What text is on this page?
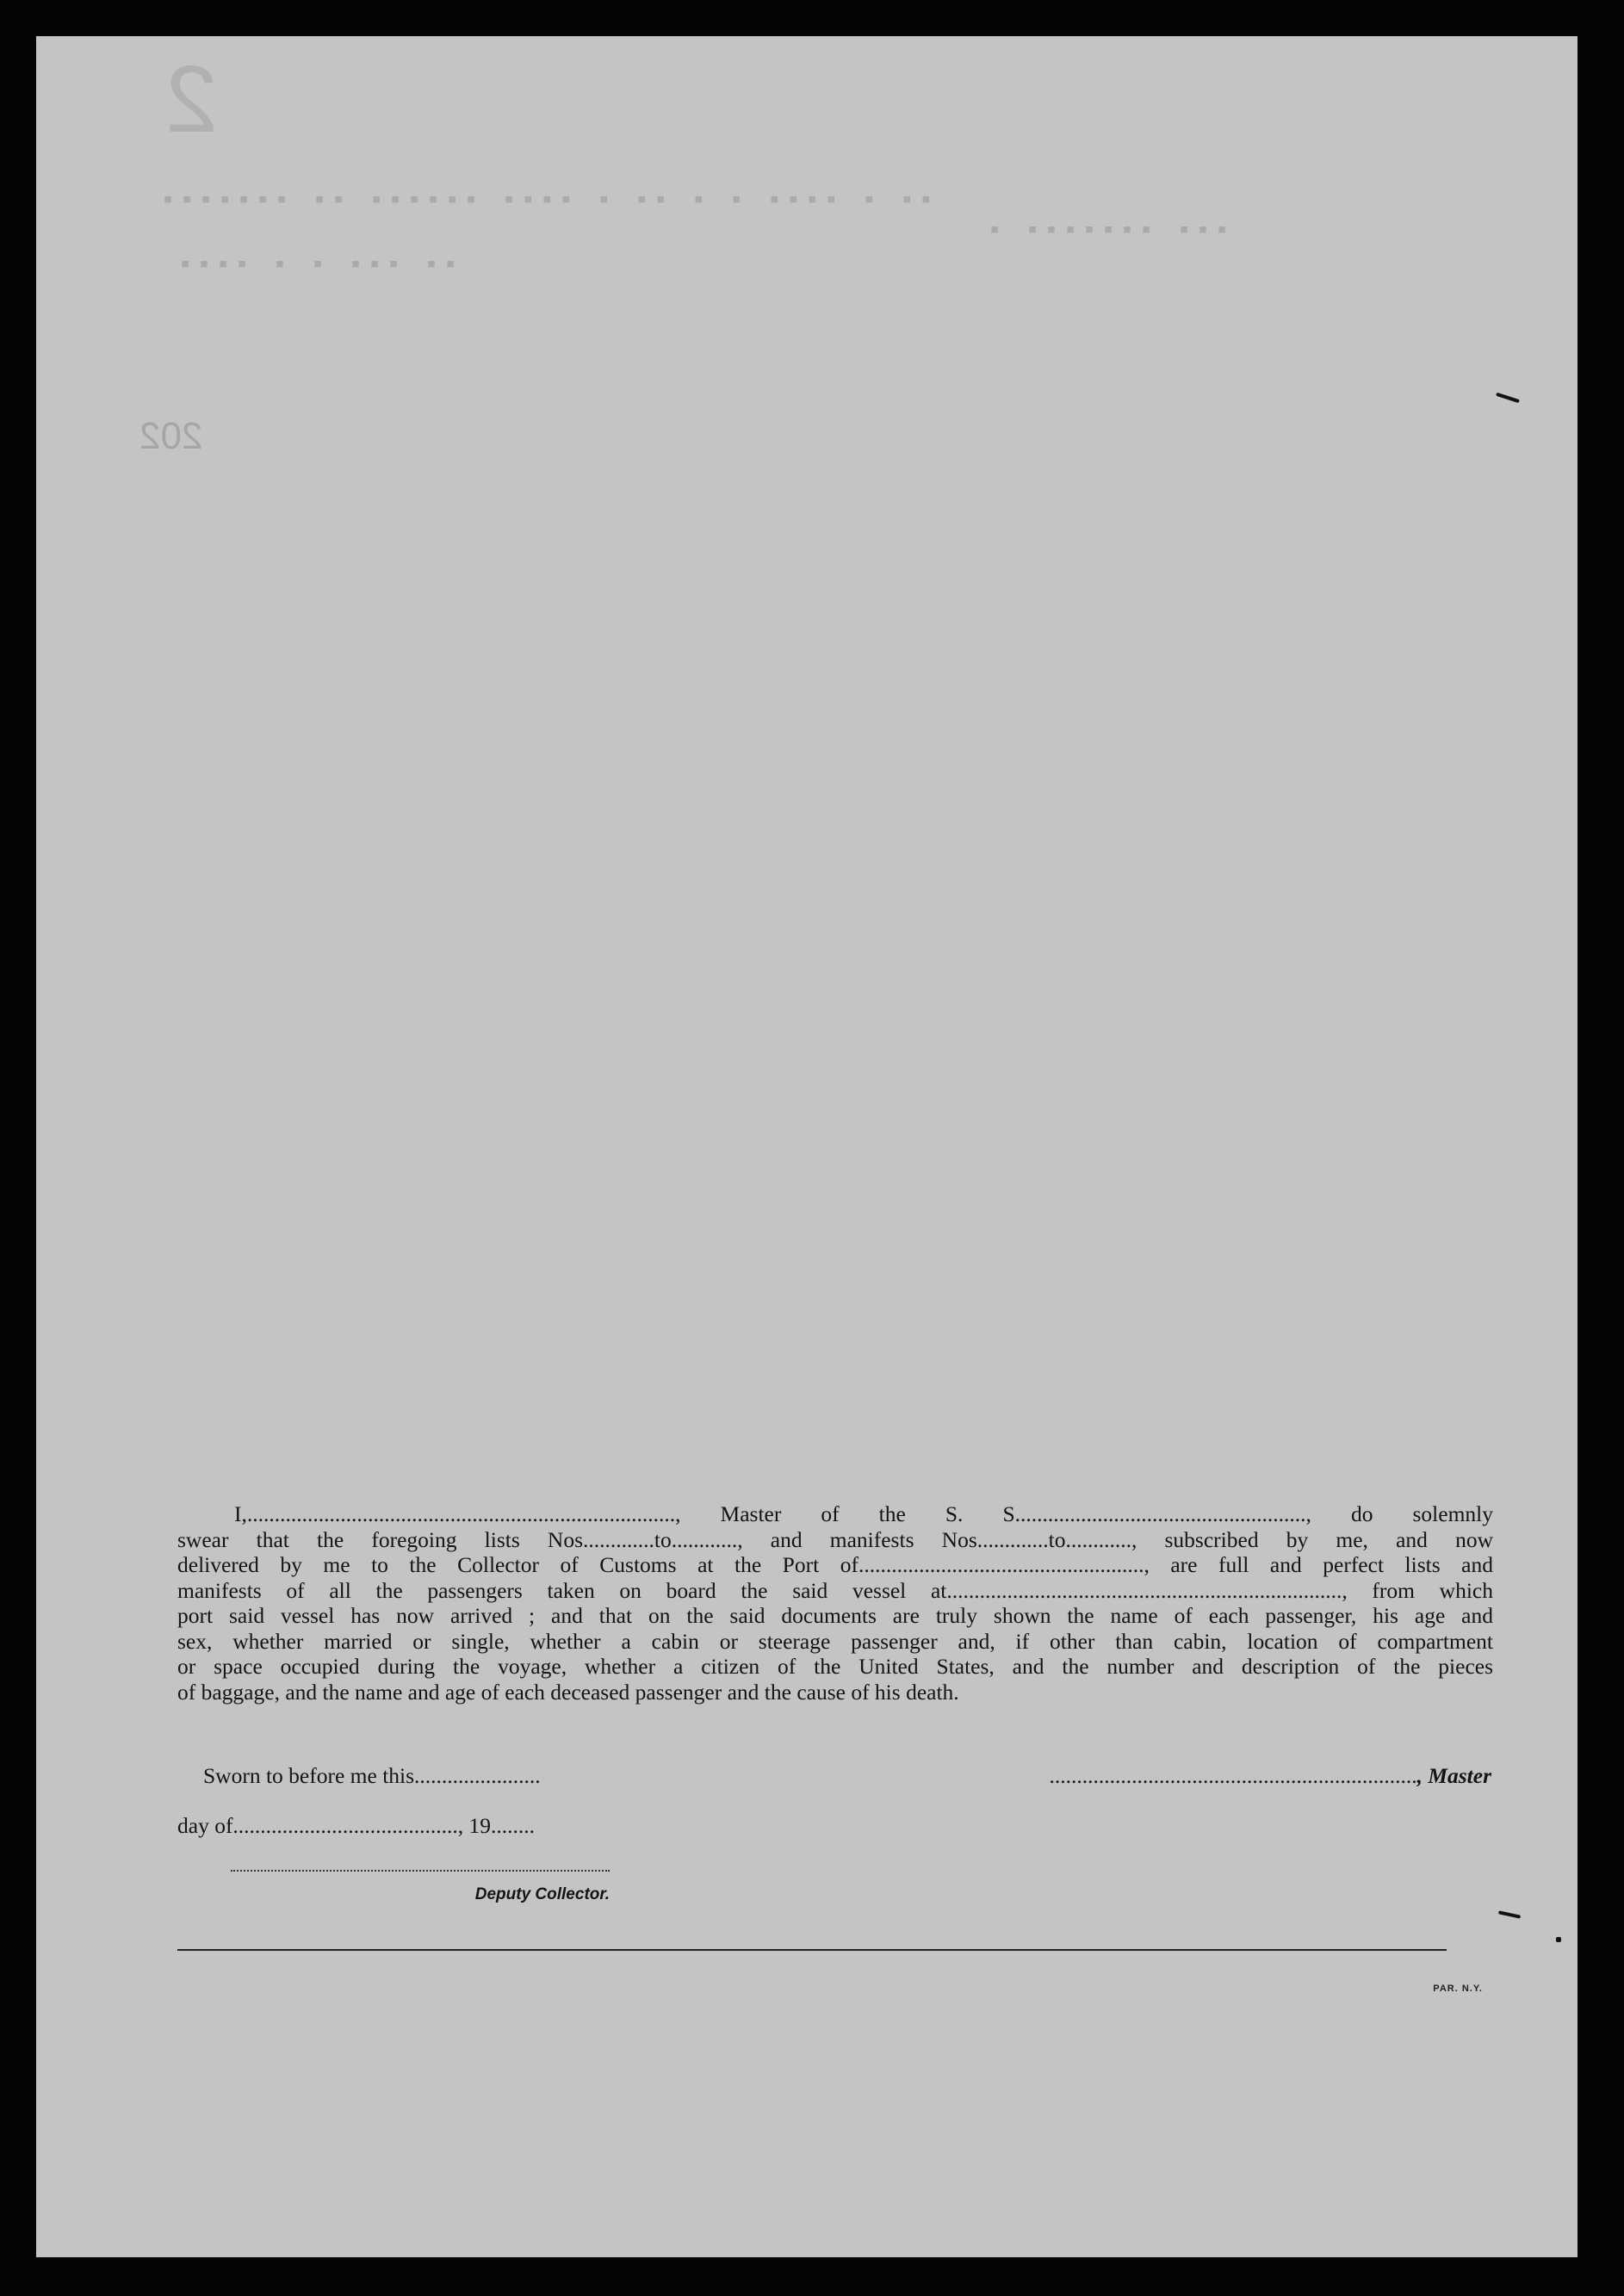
2
202
▪▪ ▪ ▪▪▪▪ ▪ ▪ ▪▪ ▪ ▪▪▪▪ ▪▪▪▪▪▪ ▪▪ ▪▪▪▪▪▪▪
▪▪▪ ▪▪▪▪▪▪▪ ▪
▪▪ ▪▪▪ ▪ ▪ ▪▪▪▪
I,.............................................................................., Master of the S. S....................................................., do solemnly
swear that the foregoing lists Nos.............to............, and manifests Nos.............to............, subscribed by me, and now
delivered by me to the Collector of Customs at the Port of...................................................., are full and perfect lists and
manifests of all the passengers taken on board the said vessel at........................................................................, from which
port said vessel has now arrived ; and that on the said documents are truly shown the name of each passenger, his age and
sex, whether married or single, whether a cabin or steerage passenger and, if other than cabin, location of compartment
or space occupied during the voyage, whether a citizen of the United States, and the number and description of the pieces
of baggage, and the name and age of each deceased passenger and the cause of his death.
Sworn to before me this.......................	..................................................................., Master
day of........................................., 19........
Deputy Collector.
PAR. N.Y.
